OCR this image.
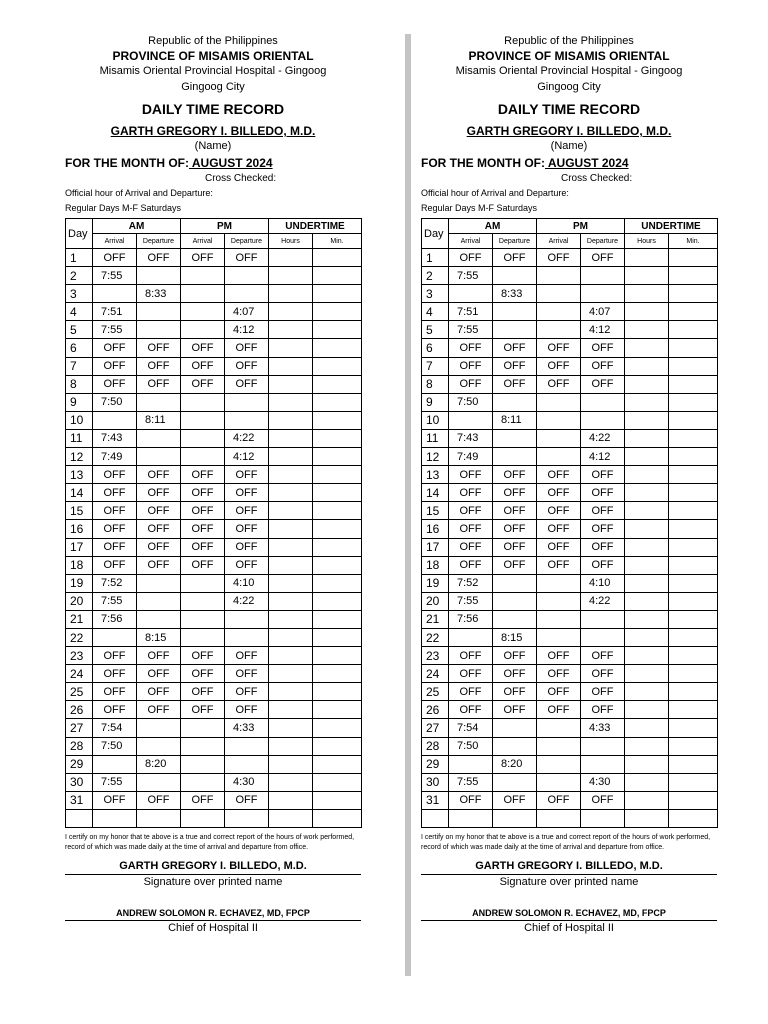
Republic of the Philippines
PROVINCE OF MISAMIS ORIENTAL
Misamis Oriental Provincial Hospital - Gingoog
Gingoog City
DAILY TIME RECORD
GARTH GREGORY I. BILLEDO, M.D.
(Name)
FOR THE MONTH OF: AUGUST 2024
Cross Checked:
Official hour of Arrival and Departure:
Regular Days M-F Saturdays
Day	AM		PM		UNDERTIME	
	Arrival	Departure	Arrival	Departure	Hours	Min.
1	OFF	OFF	OFF	OFF		
2	7:55					
3		8:33				
4	7:51			4:07		
5	7:55			4:12		
6	OFF	OFF	OFF	OFF		
7	OFF	OFF	OFF	OFF		
8	OFF	OFF	OFF	OFF		
9	7:50					
10		8:11				
11	7:43			4:22		
12	7:49			4:12		
13	OFF	OFF	OFF	OFF		
14	OFF	OFF	OFF	OFF		
15	OFF	OFF	OFF	OFF		
16	OFF	OFF	OFF	OFF		
17	OFF	OFF	OFF	OFF		
18	OFF	OFF	OFF	OFF		
19	7:52			4:10		
20	7:55			4:22		
21	7:56					
22		8:15				
23	OFF	OFF	OFF	OFF		
24	OFF	OFF	OFF	OFF		
25	OFF	OFF	OFF	OFF		
26	OFF	OFF	OFF	OFF		
27	7:54			4:33		
28	7:50					
29		8:20				
30	7:55			4:30		
31	OFF	OFF	OFF	OFF		

I certify on my honor that te above is a true and correct report of the hours of work performed, record of which was made daily at the time of arrival and departure from office.
GARTH GREGORY I. BILLEDO, M.D.
Signature over printed name
ANDREW SOLOMON R. ECHAVEZ, MD, FPCP
Chief of Hospital II
Republic of the Philippines
PROVINCE OF MISAMIS ORIENTAL
Misamis Oriental Provincial Hospital - Gingoog
Gingoog City
DAILY TIME RECORD
GARTH GREGORY I. BILLEDO, M.D.
(Name)
FOR THE MONTH OF: AUGUST 2024
Cross Checked:
Official hour of Arrival and Departure:
Regular Days M-F Saturdays
Day	AM		PM		UNDERTIME	
	Arrival	Departure	Arrival	Departure	Hours	Min.
1	OFF	OFF	OFF	OFF		
2	7:55					
3		8:33				
4	7:51			4:07		
5	7:55			4:12		
6	OFF	OFF	OFF	OFF		
7	OFF	OFF	OFF	OFF		
8	OFF	OFF	OFF	OFF		
9	7:50					
10		8:11				
11	7:43			4:22		
12	7:49			4:12		
13	OFF	OFF	OFF	OFF		
14	OFF	OFF	OFF	OFF		
15	OFF	OFF	OFF	OFF		
16	OFF	OFF	OFF	OFF		
17	OFF	OFF	OFF	OFF		
18	OFF	OFF	OFF	OFF		
19	7:52			4:10		
20	7:55			4:22		
21	7:56					
22		8:15				
23	OFF	OFF	OFF	OFF		
24	OFF	OFF	OFF	OFF		
25	OFF	OFF	OFF	OFF		
26	OFF	OFF	OFF	OFF		
27	7:54			4:33		
28	7:50					
29		8:20				
30	7:55			4:30		
31	OFF	OFF	OFF	OFF		

I certify on my honor that te above is a true and correct report of the hours of work performed, record of which was made daily at the time of arrival and departure from office.
GARTH GREGORY I. BILLEDO, M.D.
Signature over printed name
ANDREW SOLOMON R. ECHAVEZ, MD, FPCP
Chief of Hospital II
